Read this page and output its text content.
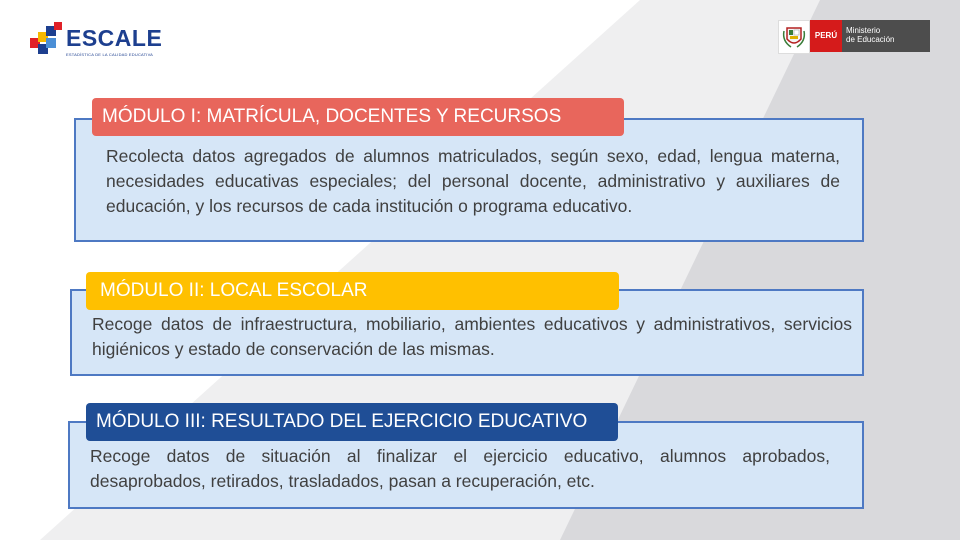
ESCALE
ESTADÍSTICA DE LA CALIDAD EDUCATIVA
PERÚ
Ministerio
de Educación
MÓDULO I: MATRÍCULA, DOCENTES Y RECURSOS
Recolecta datos agregados de alumnos matriculados, según sexo, edad, lengua materna, necesidades educativas especiales; del personal docente, administrativo y auxiliares de educación, y los recursos de cada institución o programa educativo.
MÓDULO II: LOCAL ESCOLAR
Recoge datos de infraestructura, mobiliario, ambientes educativos y administrativos, servicios higiénicos y estado de conservación de las mismas.
MÓDULO III: RESULTADO DEL EJERCICIO EDUCATIVO
Recoge datos de situación al finalizar el ejercicio educativo, alumnos aprobados, desaprobados, retirados, trasladados, pasan a recuperación, etc.
